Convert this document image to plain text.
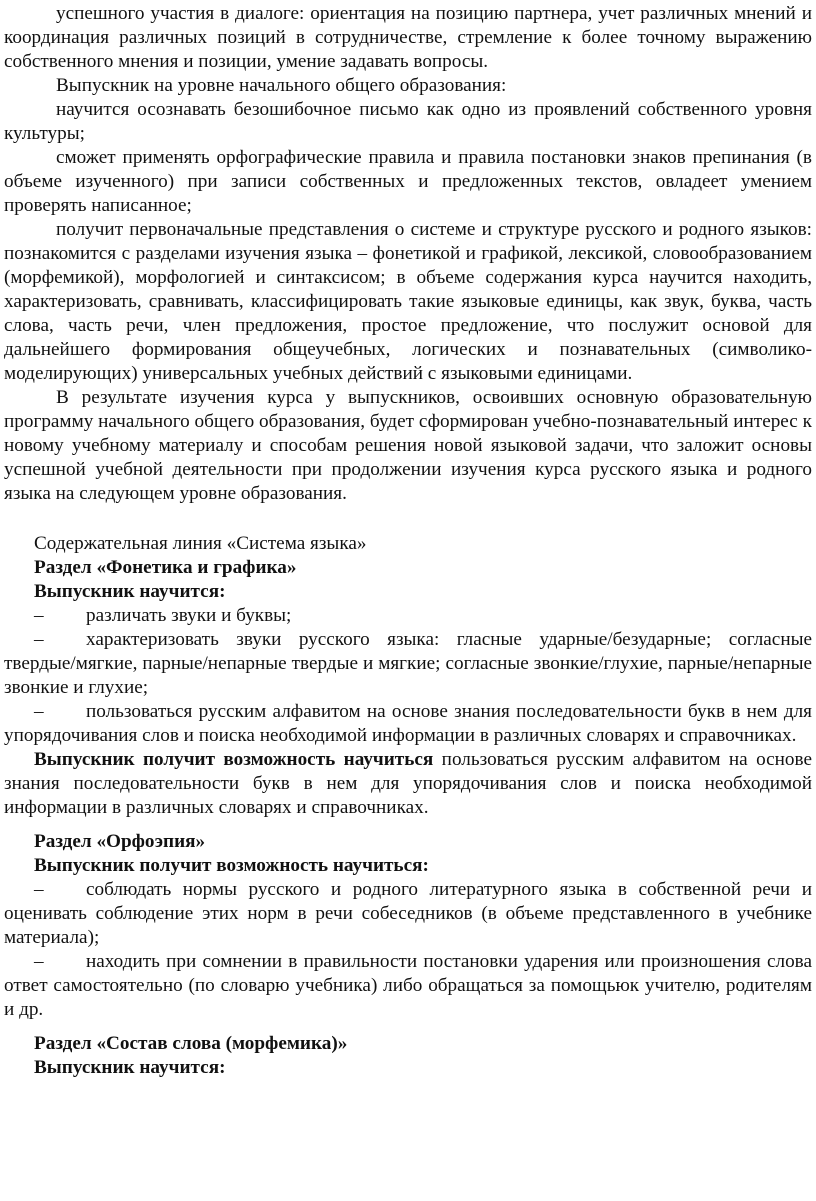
успешного участия в диалоге: ориентация на позицию партнера, учет различных мнений и координация различных позиций в сотрудничестве, стремление к более точному выражению собственного мнения и позиции, умение задавать вопросы.

Выпускник на уровне начального общего образования:

научится осознавать безошибочное письмо как одно из проявлений собственного уровня культуры;

сможет применять орфографические правила и правила постановки знаков препинания (в объеме изученного) при записи собственных и предложенных текстов, овладеет умением проверять написанное;

получит первоначальные представления о системе и структуре русского и родного языков: познакомится с разделами изучения языка – фонетикой и графикой, лексикой, словообразованием (морфемикой), морфологией и синтаксисом; в объеме содержания курса научится находить, характеризовать, сравнивать, классифицировать такие языковые единицы, как звук, буква, часть слова, часть речи, член предложения, простое предложение, что послужит основой для дальнейшего формирования общеучебных, логических и познавательных (символико-моделирующих) универсальных учебных действий с языковыми единицами.

В результате изучения курса у выпускников, освоивших основную образовательную программу начального общего образования, будет сформирован учебно-познавательный интерес к новому учебному материалу и способам решения новой языковой задачи, что заложит основы успешной учебной деятельности при продолжении изучения курса русского языка и родного языка на следующем уровне образования.

Содержательная линия «Система языка»

Раздел «Фонетика и графика»

Выпускник научится:

– различать звуки и буквы;

– характеризовать звуки русского языка: гласные ударные/безударные; согласные твердые/мягкие, парные/непарные твердые и мягкие; согласные звонкие/глухие, парные/непарные звонкие и глухие;

– пользоваться русским алфавитом на основе знания последовательности букв в нем для упорядочивания слов и поиска необходимой информации в различных словарях и справочниках.

Выпускник получит возможность научиться пользоваться русским алфавитом на основе знания последовательности букв в нем для упорядочивания слов и поиска необходимой информации в различных словарях и справочниках.

Раздел «Орфоэпия»

Выпускник получит возможность научиться:

– соблюдать нормы русского и родного литературного языка в собственной речи и оценивать соблюдение этих норм в речи собеседников (в объеме представленного в учебнике материала);

– находить при сомнении в правильности постановки ударения или произношения слова ответ самостоятельно (по словарю учебника) либо обращаться за помощьюк учителю, родителям и др.

Раздел «Состав слова (морфемика)»

Выпускник научится:
